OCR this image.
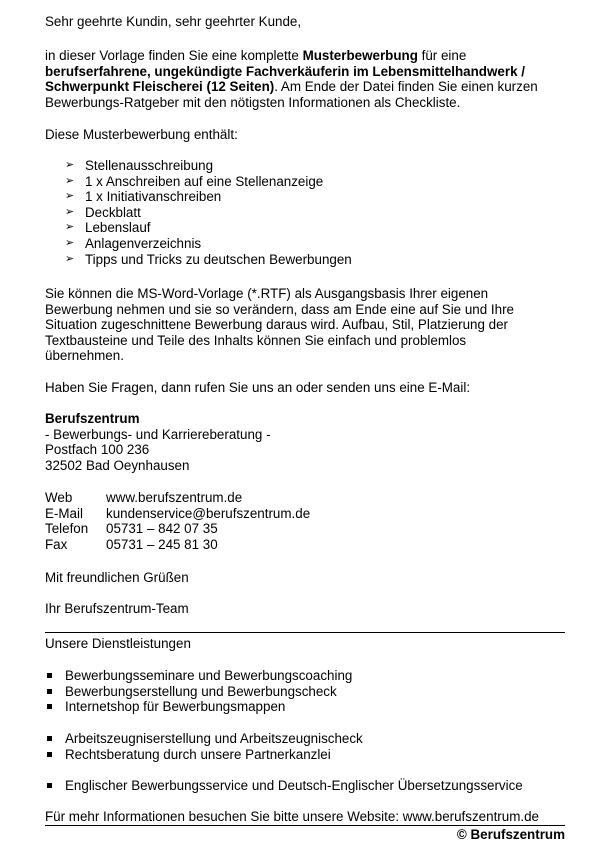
Sehr geehrte Kundin, sehr geehrter Kunde,

in dieser Vorlage finden Sie eine komplette Musterbewerbung für eine

berufserfahrene, ungekündigte Fachverkäuferin im Lebensmittelhandwerk /

Schwerpunkt Fleischerei (12 Seiten). Am Ende der Datei finden Sie einen kurzen

Bewerbungs-Ratgeber mit den nötigsten Informationen als Checkliste.

Diese Musterbewerbung enthält:

➢ Stellenausschreibung
➢ 1 x Anschreiben auf eine Stellenanzeige
➢ 1 x Initiativanschreiben
➢ Deckblatt
➢ Lebenslauf
➢ Anlagenverzeichnis
➢ Tipps und Tricks zu deutschen Bewerbungen

Sie können die MS-Word-Vorlage (*.RTF) als Ausgangsbasis Ihrer eigenen

Bewerbung nehmen und sie so verändern, dass am Ende eine auf Sie und Ihre

Situation zugeschnittene Bewerbung daraus wird. Aufbau, Stil, Platzierung der

Textbausteine und Teile des Inhalts können Sie einfach und problemlos

übernehmen.

Haben Sie Fragen, dann rufen Sie uns an oder senden uns eine E-Mail:

Berufszentrum

- Bewerbungs- und Karriereberatung -

Postfach 100 236

32502 Bad Oeynhausen

Web	www.berufszentrum.de
E-Mail	kundenservice@berufszentrum.de
Telefon	05731 – 842 07 35
Fax	05731 – 245 81 30

Mit freundlichen Grüßen

Ihr Berufszentrum-Team

Unsere Dienstleistungen

Bewerbungsseminare und Bewerbungscoaching
Bewerbungserstellung und Bewerbungscheck
Internetshop für Bewerbungsmappen
Arbeitszeugniserstellung und Arbeitszeugnischeck
Rechtsberatung durch unsere Partnerkanzlei
Englischer Bewerbungsservice und Deutsch-Englischer Übersetzungsservice

Für mehr Informationen besuchen Sie bitte unsere Website: www.berufszentrum.de

© Berufszentrum
